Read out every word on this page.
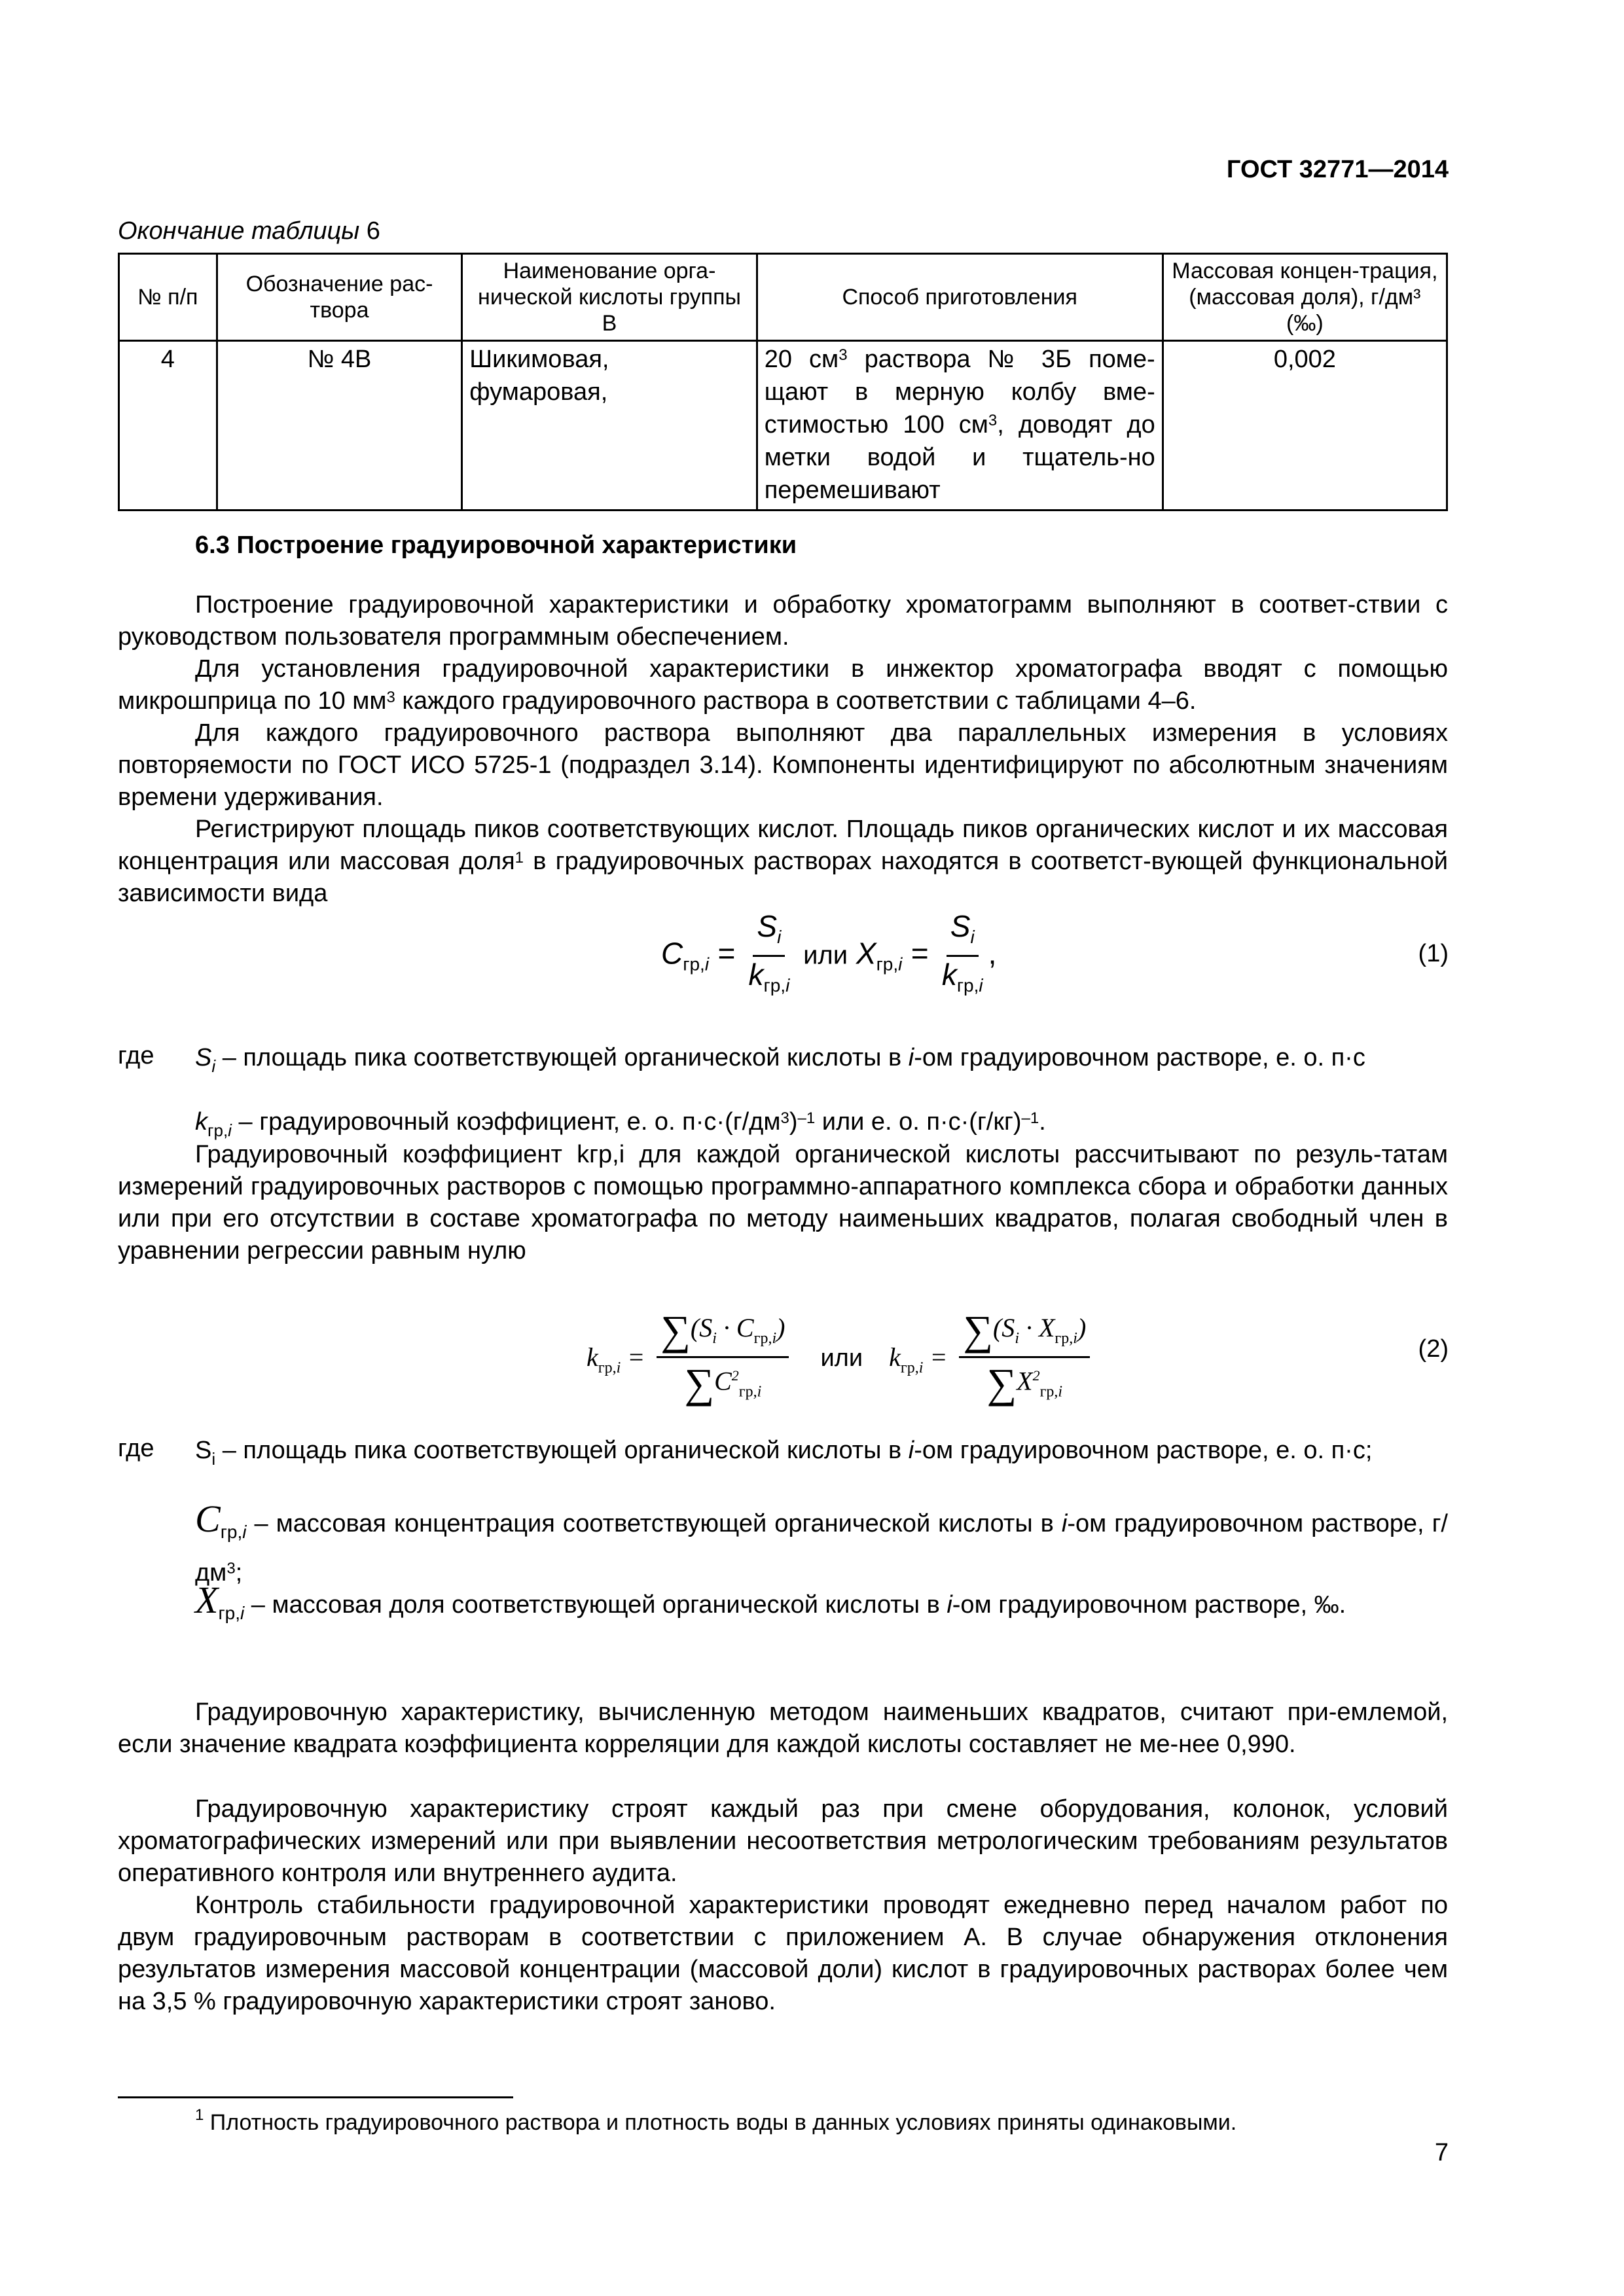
ГОСТ 32771—2014
Окончание таблицы 6
№ п/п	Обозначение рас-твора	Наименование орга-нической кислоты группы В	Способ приготовления	Массовая концен-трация, (массовая доля), г/дм³ (‰)
4	№ 4В	Шикимовая, фумаровая,	20 $см^3$ раствора № 3Б поме-щают в мерную колбу вме-стимостью 100 $см^3$, доводят до метки водой и тщатель-но перемешивают	0,002
6.3 Построение градуировочной характеристики

Построение градуировочной характеристики и обработку хроматограмм выполняют в соответ-ствии с руководством пользователя программным обеспечением.

Для установления градуировочной характеристики в инжектор хроматографа вводят с помощью микрошприца по 10 $мм^3$ каждого градуировочного раствора в соответствии с таблицами 4–6.

Для каждого градуировочного раствора выполняют два параллельных измерения в условиях повторяемости по ГОСТ ИСО 5725-1 (подраздел 3.14). Компоненты идентифицируют по абсолютным значениям времени удерживания.

Регистрируют площадь пиков соответствующих кислот. Площадь пиков органических кислот и их массовая концентрация или массовая доля$^1$ в градуировочных растворах находятся в соответст-вующей функциональной зависимости вида

$C_{гр,i} = \frac{S_i}{k_{гр,i}}$ или $X_{гр,i} = \frac{S_i}{k_{гр,i}}$ ,	(1)
где $S_i$ – площадь пика соответствующей органической кислоты в i-ом градуировочном растворе, е. о. п·с

$k_{гр,i}$ – градуировочный коэффициент, е. о. $п\cdot с\cdot(г/дм^3)^{-1}$ или е. о. $п\cdot с\cdot(г/кг)^{-1}$.

Градуировочный коэффициент kгр,i для каждой органической кислоты рассчитывают по резуль-татам измерений градуировочных растворов с помощью программно-аппаратного комплекса сбора и обработки данных или при его отсутствии в составе хроматографа по методу наименьших квадратов, полагая свободный член в уравнении регрессии равным нулю

$k_{гр,i} = \frac{\sum(S_i \cdot C_{гр,i})}{\sum C^2_{гр,i}}$ или $k_{гр,i} = \frac{\sum(S_i \cdot X_{гр,i})}{\sum X^2_{гр,i}}$	(2)
где $S_i$ – площадь пика соответствующей органической кислоты в i-ом градуировочном растворе, е. о. п·с;

$C_{гр,i}$ – массовая концентрация соответствующей органической кислоты в i-ом градуировочном растворе, $г/дм^3$;

$X_{гр,i}$ – массовая доля соответствующей органической кислоты в i-ом градуировочном растворе, ‰.

Градуировочную характеристику, вычисленную методом наименьших квадратов, считают при-емлемой, если значение квадрата коэффициента корреляции для каждой кислоты составляет не ме-нее 0,990.

Градуировочную характеристику строят каждый раз при смене оборудования, колонок, условий хроматографических измерений или при выявлении несоответствия метрологическим требованиям результатов оперативного контроля или внутреннего аудита.

Контроль стабильности градуировочной характеристики проводят ежедневно перед началом работ по двум градуировочным растворам в соответствии с приложением А. В случае обнаружения отклонения результатов измерения массовой концентрации (массовой доли) кислот в градуировочных растворах более чем на 3,5 % градуировочную характеристики строят заново.

$^1$ Плотность градуировочного раствора и плотность воды в данных условиях приняты одинаковыми.
7
